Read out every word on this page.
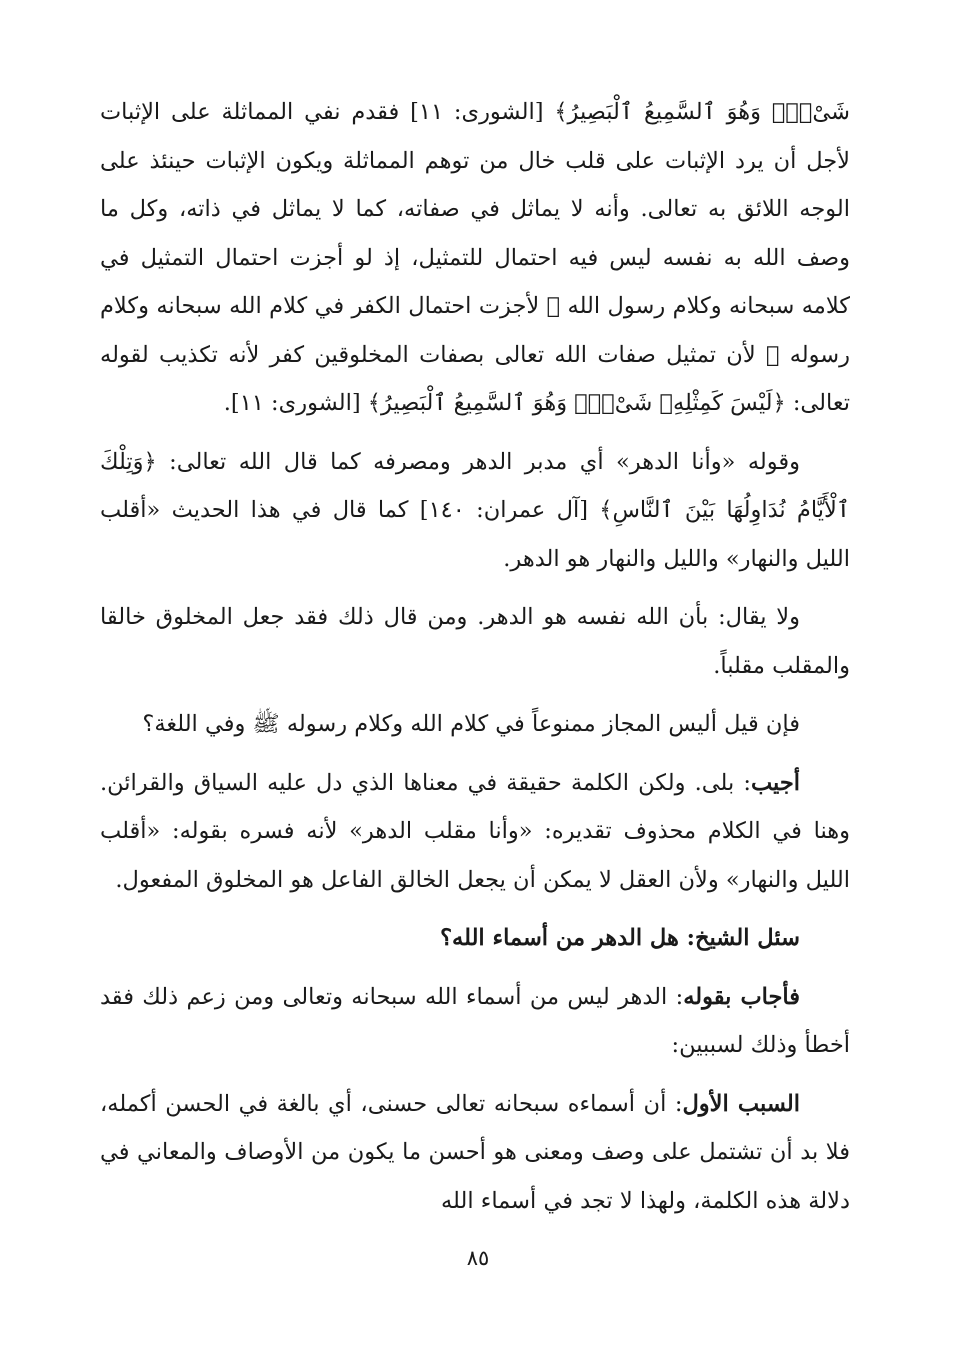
شَىْءٌۖ وَهُوَ ٱلسَّمِيعُ ٱلْبَصِيرُ﴾ [الشورى: ١١] فقدم نفي المماثلة على الإثبات لأجل أن يرد الإثبات على قلب خال من توهم المماثلة ويكون الإثبات حينئذ على الوجه اللائق به تعالى. وأنه لا يماثل في صفاته، كما لا يماثل في ذاته، وكل ما وصف الله به نفسه ليس فيه احتمال للتمثيل، إذ لو أجزت احتمال التمثيل في كلامه سبحانه وكلام رسول الله ﷺ لأجزت احتمال الكفر في كلام الله سبحانه وكلام رسوله ﷺ لأن تمثيل صفات الله تعالى بصفات المخلوقين كفر لأنه تكذيب لقوله تعالى: ﴿لَيْسَ كَمِثْلِهِۦ شَىْءٌۖ وَهُوَ ٱلسَّمِيعُ ٱلْبَصِيرُ﴾ [الشورى: ١١].

وقوله «وأنا الدهر» أي مدبر الدهر ومصرفه كما قال الله تعالى: ﴿وَتِلْكَ ٱلْأَيَّامُ نُدَاوِلُهَا بَيْنَ ٱلنَّاسِ﴾ [آل عمران: ١٤٠] كما قال في هذا الحديث «أقلب الليل والنهار» والليل والنهار هو الدهر.

ولا يقال: بأن الله نفسه هو الدهر. ومن قال ذلك فقد جعل المخلوق خالقا والمقلب مقلباً.

فإن قيل أليس المجاز ممنوعاً في كلام الله وكلام رسوله ﷺ وفي اللغة؟

أجيب: بلى. ولكن الكلمة حقيقة في معناها الذي دل عليه السياق والقرائن. وهنا في الكلام محذوف تقديره: «وأنا مقلب الدهر» لأنه فسره بقوله: «أقلب الليل والنهار» ولأن العقل لا يمكن أن يجعل الخالق الفاعل هو المخلوق المفعول.

سئل الشيخ: هل الدهر من أسماء الله؟

فأجاب بقوله: الدهر ليس من أسماء الله سبحانه وتعالى ومن زعم ذلك فقد أخطأ وذلك لسببين:

السبب الأول: أن أسماءه سبحانه تعالى حسنى، أي بالغة في الحسن أكمله، فلا بد أن تشتمل على وصف ومعنى هو أحسن ما يكون من الأوصاف والمعاني في دلالة هذه الكلمة، ولهذا لا تجد في أسماء الله

٨٥
